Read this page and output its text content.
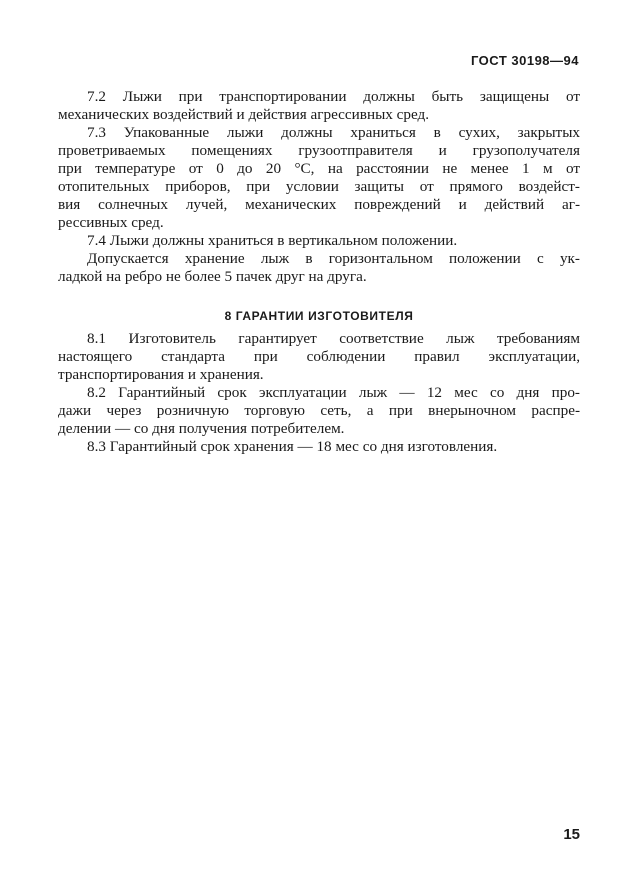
ГОСТ 30198—94
7.2 Лыжи при транспортировании должны быть защищены от
механических воздействий и действия агрессивных сред.
7.3 Упакованные лыжи должны храниться в сухих, закрытых
проветриваемых помещениях грузоотправителя и грузополучателя
при температуре от 0 до 20 °С, на расстоянии не менее 1 м от
отопительных приборов, при условии защиты от прямого воздейст-
вия солнечных лучей, механических повреждений и действий аг-
рессивных сред.
7.4 Лыжи должны храниться в вертикальном положении.
Допускается хранение лыж в горизонтальном положении с ук-
ладкой на ребро не более 5 пачек друг на друга.
8 ГАРАНТИИ ИЗГОТОВИТЕЛЯ
8.1 Изготовитель гарантирует соответствие лыж требованиям
настоящего стандарта при соблюдении правил эксплуатации,
транспортирования и хранения.
8.2 Гарантийный срок эксплуатации лыж — 12 мес со дня про-
дажи через розничную торговую сеть, а при внерыночном распре-
делении — со дня получения потребителем.
8.3 Гарантийный срок хранения — 18 мес со дня изготовления.
15
